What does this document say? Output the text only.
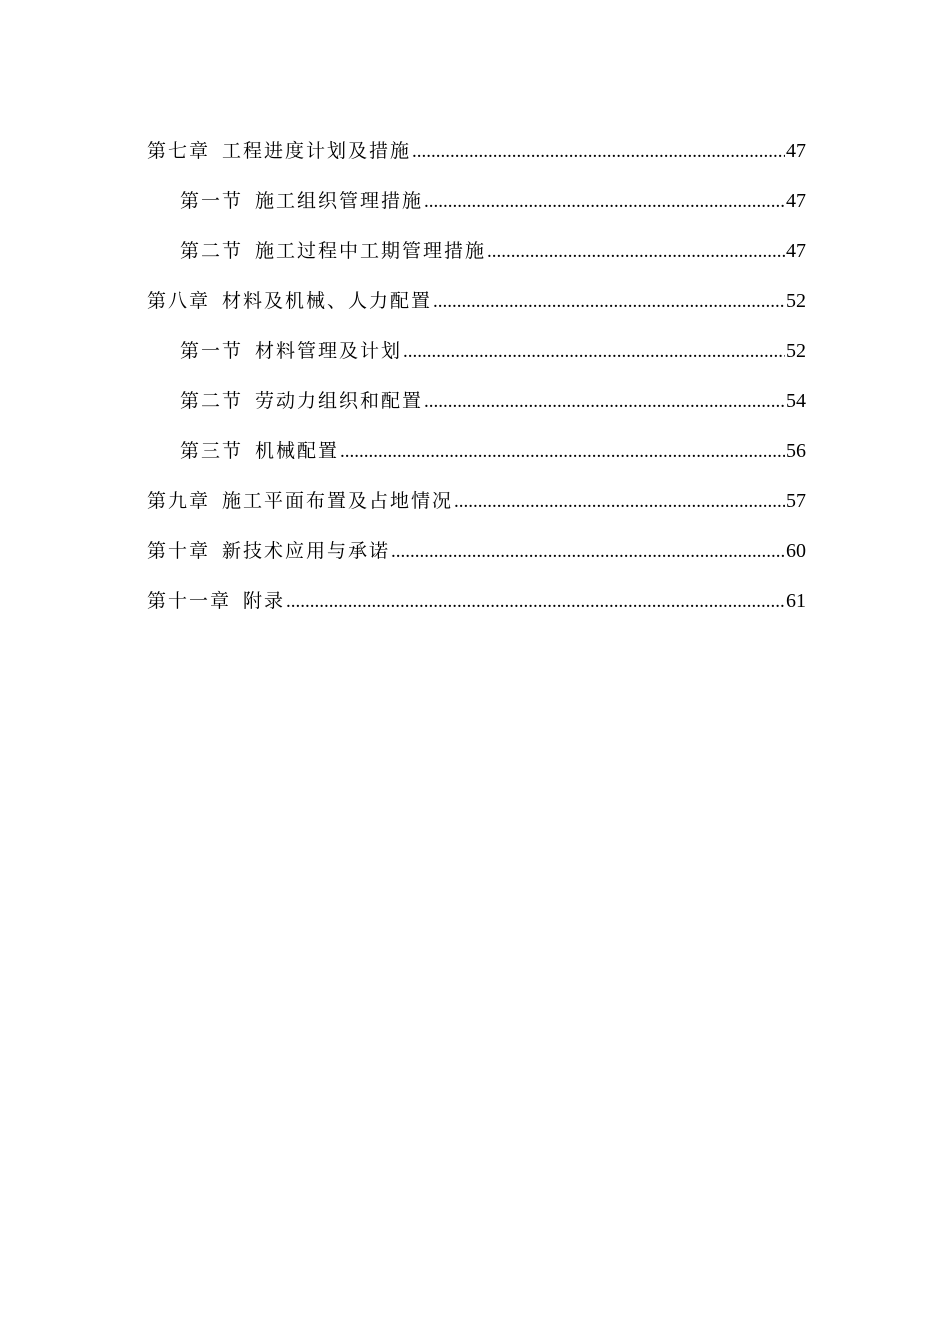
第七章 工程进度计划及措施 .....	47
第一节 施工组织管理措施 .....	47
第二节 施工过程中工期管理措施 .....	47
第八章 材料及机械、人力配置 .....	52
第一节 材料管理及计划 .....	52
第二节 劳动力组织和配置 .....	54
第三节 机械配置 .....	56
第九章 施工平面布置及占地情况 .....	57
第十章 新技术应用与承诺 .....	60
第十一章 附录 .....	61
